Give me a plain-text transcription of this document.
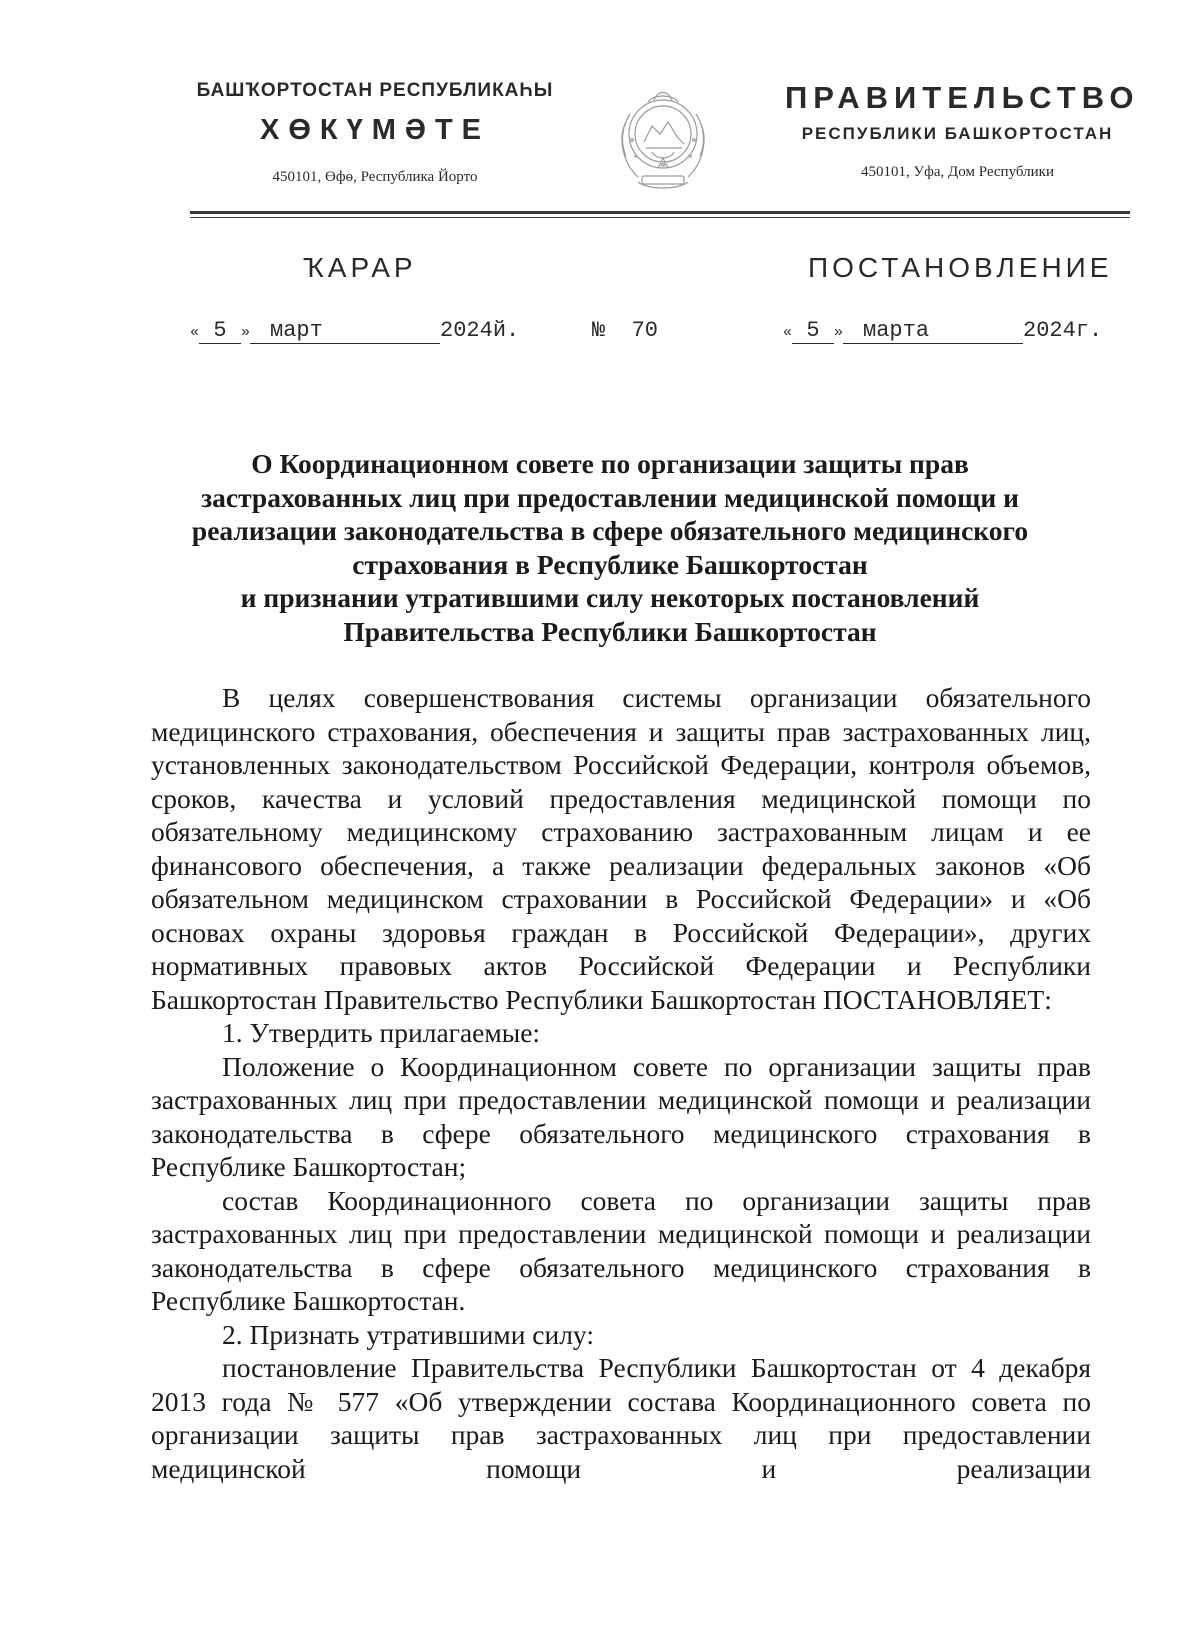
БАШҠОРТОСТАН РЕСПУБЛИКАҺЫ
ХӨКҮМӘТЕ
450101, Өфө, Республика Йорто
ПРАВИТЕЛЬСТВО
РЕСПУБЛИКИ БАШКОРТОСТАН
450101, Уфа, Дом Республики
ҠАРАР	ПОСТАНОВЛЕНИЕ
« 5 » март	2024й.	№ 70	« 5 » марта	2024г.
О Координационном совете по организации защиты прав
застрахованных лиц при предоставлении медицинской помощи и
реализации законодательства в сфере обязательного медицинского
страхования в Республике Башкортостан
и признании утратившими силу некоторых постановлений
Правительства Республики Башкортостан

В целях совершенствования системы организации обязательного медицинского страхования, обеспечения и защиты прав застрахованных лиц, установленных законодательством Российской Федерации, контроля объемов, сроков, качества и условий предоставления медицинской помощи по обязательному медицинскому страхованию застрахованным лицам и ее финансового обеспечения, а также реализации федеральных законов «Об обязательном медицинском страховании в Российской Федерации» и «Об основах охраны здоровья граждан в Российской Федерации», других нормативных правовых актов Российской Федерации и Республики Башкортостан Правительство Республики Башкортостан ПОСТАНОВЛЯЕТ:

1. Утвердить прилагаемые:

Положение о Координационном совете по организации защиты прав застрахованных лиц при предоставлении медицинской помощи и реализации законодательства в сфере обязательного медицинского страхования в Республике Башкортостан;

состав Координационного совета по организации защиты прав застрахованных лиц при предоставлении медицинской помощи и реализации законодательства в сфере обязательного медицинского страхования в Республике Башкортостан.

2. Признать утратившими силу:

постановление Правительства Республики Башкортостан от 4 декабря 2013 года № 577 «Об утверждении состава Координационного совета по организации защиты прав застрахованных лиц при предоставлении медицинской помощи и реализации
